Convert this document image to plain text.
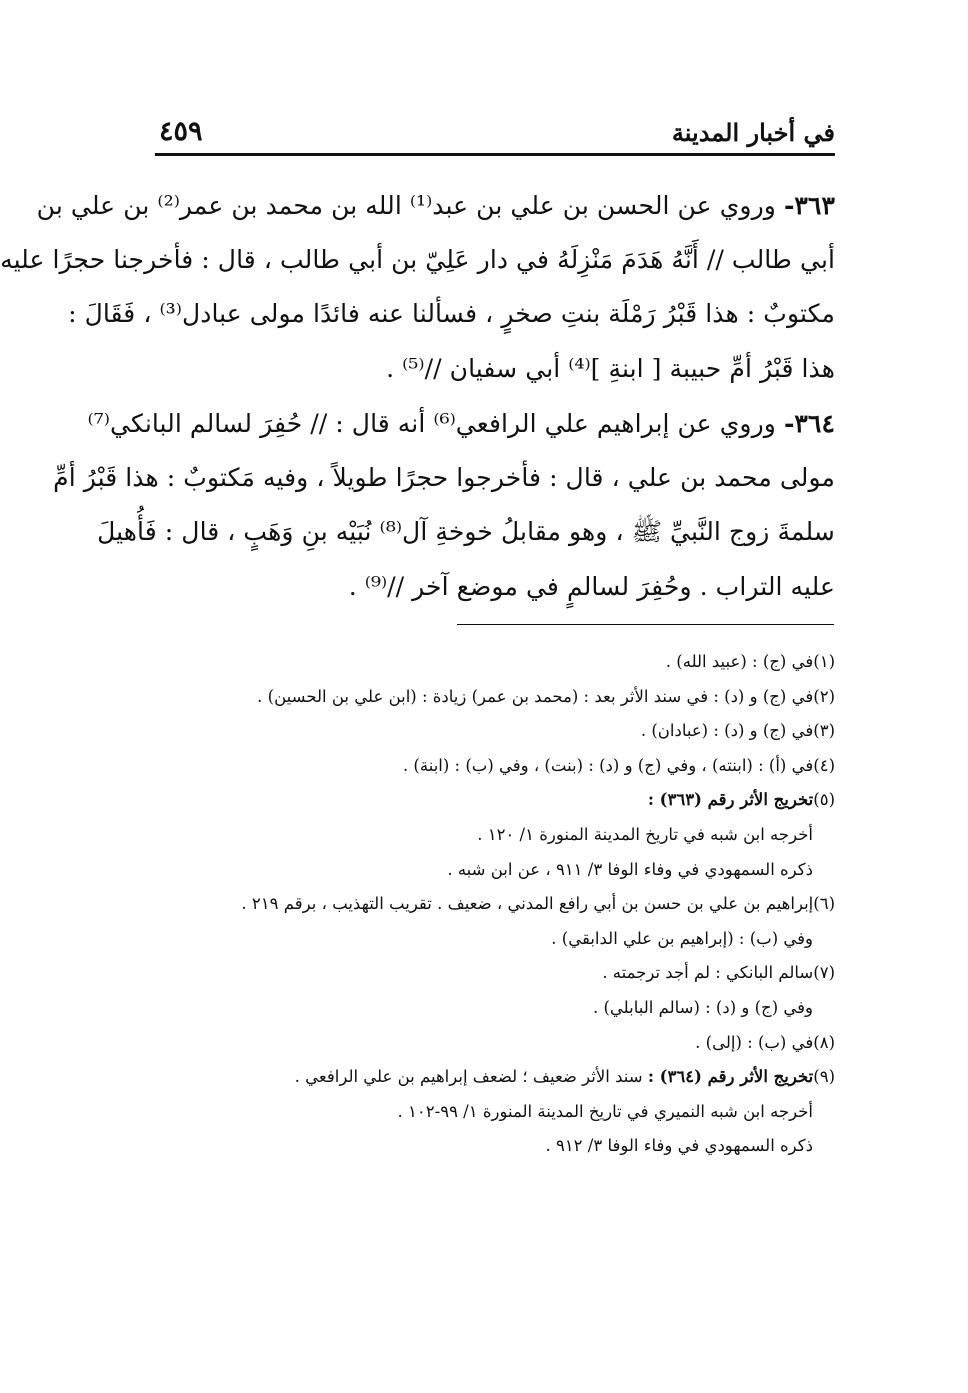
في أخبار المدينة
٤٥٩
٣٦٣- وروي عن الحسن بن علي بن عبد⁽¹⁾ الله بن محمد بن عمر⁽²⁾ بن علي بن
أبي طالب // أَنَّهُ هَدَمَ مَنْزِلَهُ في دار عَلِيّ بن أبي طالب ، قال : فأخرجنا حجرًا عليه
مكتوبٌ : هذا قَبْرُ رَمْلَة بنتِ صخرٍ ، فسألنا عنه فائدًا مولى عبادل⁽³⁾ ، فَقَالَ :
هذا قَبْرُ أمِّ حبيبة [ ابنةِ ]⁽⁴⁾ أبي سفيان //⁽⁵⁾ .
٣٦٤- وروي عن إبراهيم علي الرافعي⁽⁶⁾ أنه قال : // حُفِرَ لسالم البانكي⁽⁷⁾
مولى محمد بن علي ، قال : فأخرجوا حجرًا طويلاً ، وفيه مَكتوبٌ : هذا قَبْرُ أمِّ
سلمةَ زوج النَّبيِّ ﷺ ، وهو مقابلُ خوخةِ آل⁽⁸⁾ نُبَيْه بنِ وَهَبٍ ، قال : فَأُهيلَ
عليه التراب . وحُفِرَ لسالمٍ في موضع آخر //⁽⁹⁾ .
(١)في (ج) : (عبيد الله) .
(٢)في (ج) و (د) : في سند الأثر بعد : (محمد بن عمر) زيادة : (ابن علي بن الحسين) .
(٣)في (ج) و (د) : (عبادان) .
(٤)في (أ) : (ابنته) ، وفي (ج) و (د) : (بنت) ، وفي (ب) : (ابنة) .
(٥)تخريج الأثر رقم (٣٦٣) :
أخرجه ابن شبه في تاريخ المدينة المنورة ١/ ١٢٠ .
ذكره السمهودي في وفاء الوفا ٣/ ٩١١ ، عن ابن شبه .
(٦)إبراهيم بن علي بن حسن بن أبي رافع المدني ، ضعيف . تقريب التهذيب ، برقم ٢١٩ .
وفي (ب) : (إبراهيم بن علي الدابقي) .
(٧)سالم البانكي : لم أجد ترجمته .
وفي (ج) و (د) : (سالم البابلي) .
(٨)في (ب) : (إلى) .
(٩)تخريج الأثر رقم (٣٦٤) : سند الأثر ضعيف ؛ لضعف إبراهيم بن علي الرافعي .
أخرجه ابن شبه النميري في تاريخ المدينة المنورة ١/ ٩٩-١٠٢ .
ذكره السمهودي في وفاء الوفا ٣/ ٩١٢ .
